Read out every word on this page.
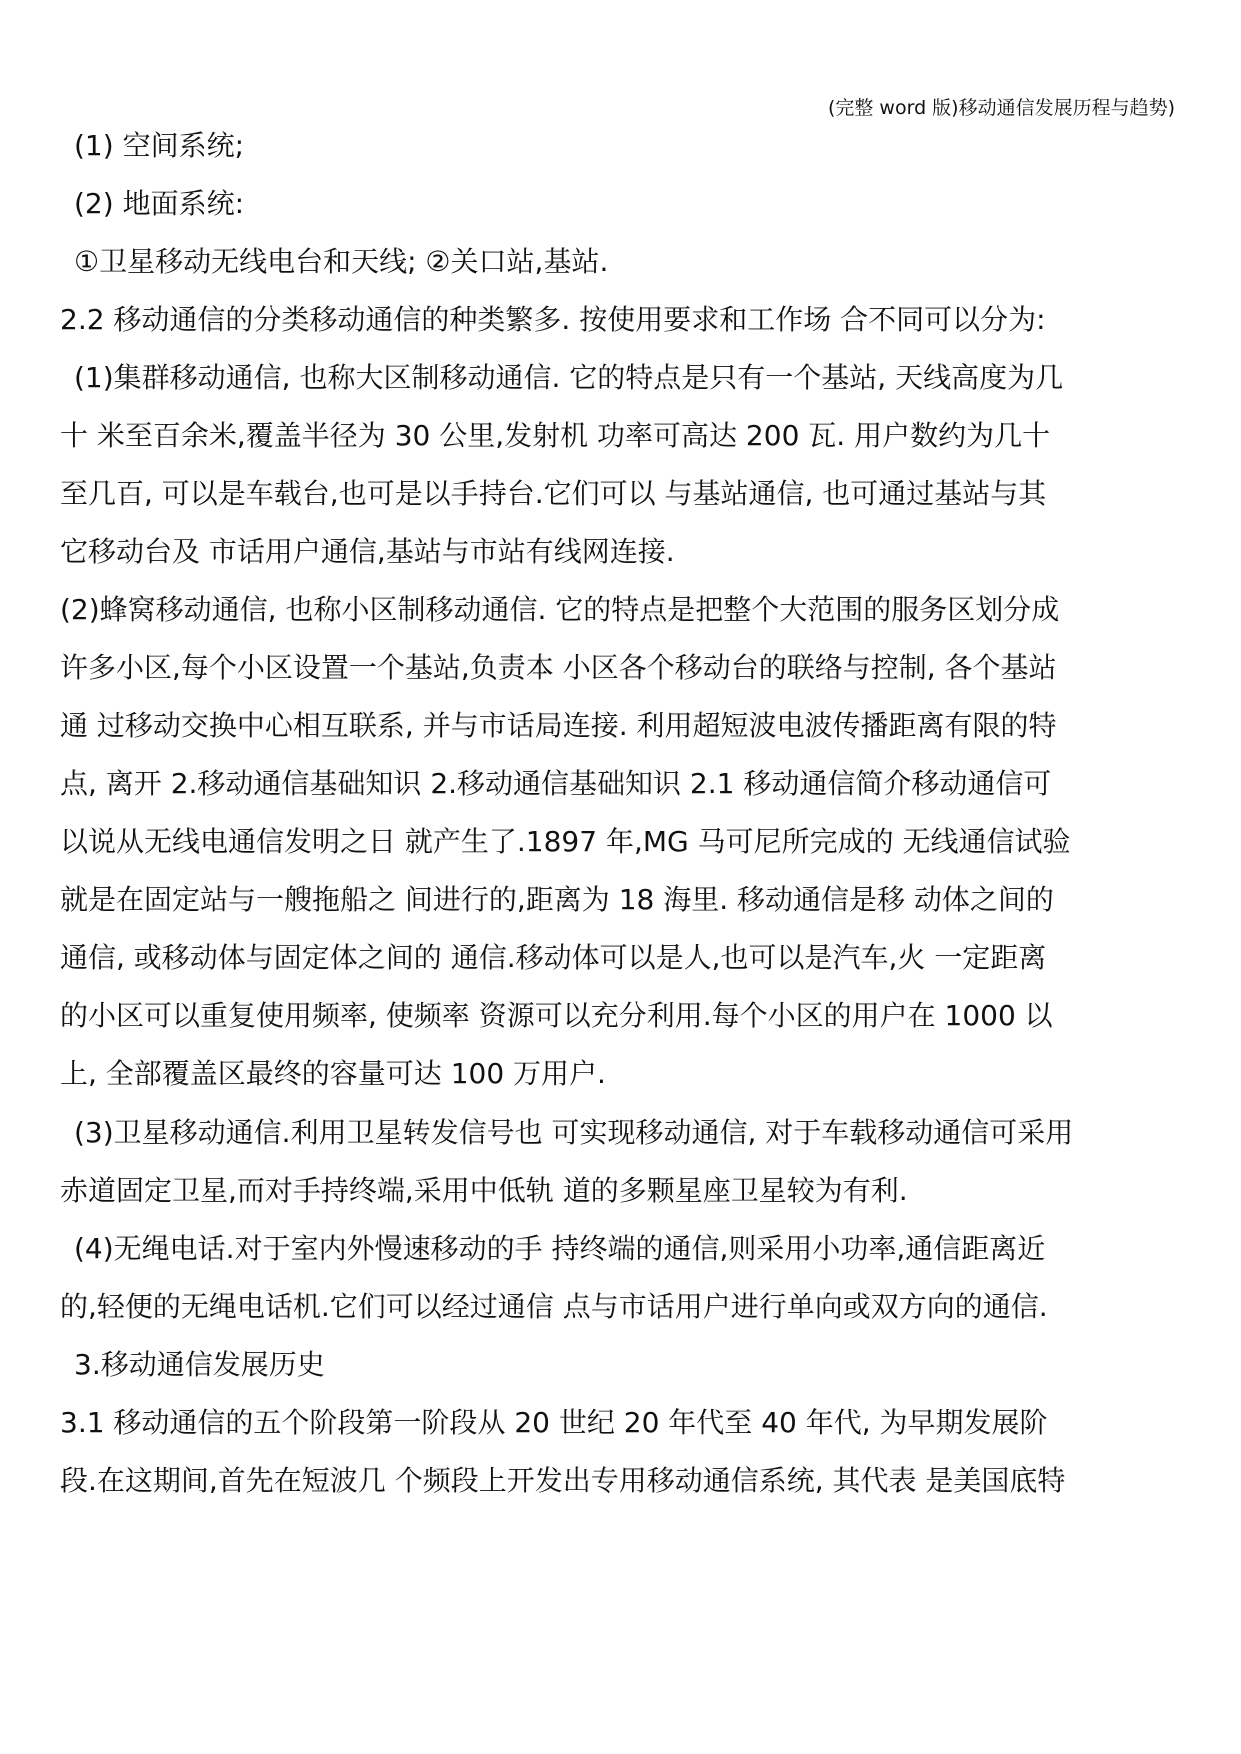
(完整 word 版)移动通信发展历程与趋势)
(1) 空间系统;
(2) 地面系统:
①卫星移动无线电台和天线; ②关口站,基站.
2.2 移动通信的分类移动通信的种类繁多. 按使用要求和工作场 合不同可以分为:
(1)集群移动通信, 也称大区制移动通信. 它的特点是只有一个基站, 天线高度为几
十 米至百余米,覆盖半径为 30 公里,发射机 功率可高达 200 瓦. 用户数约为几十
至几百, 可以是车载台,也可是以手持台.它们可以 与基站通信, 也可通过基站与其
它移动台及 市话用户通信,基站与市站有线网连接.
(2)蜂窝移动通信, 也称小区制移动通信. 它的特点是把整个大范围的服务区划分成
许多小区,每个小区设置一个基站,负责本 小区各个移动台的联络与控制, 各个基站
通 过移动交换中心相互联系, 并与市话局连接. 利用超短波电波传播距离有限的特
点, 离开 2.移动通信基础知识 2.移动通信基础知识 2.1 移动通信简介移动通信可
以说从无线电通信发明之日 就产生了.1897 年,MG 马可尼所完成的 无线通信试验
就是在固定站与一艘拖船之 间进行的,距离为 18 海里. 移动通信是移 动体之间的
通信, 或移动体与固定体之间的 通信.移动体可以是人,也可以是汽车,火 一定距离
的小区可以重复使用频率, 使频率 资源可以充分利用.每个小区的用户在 1000 以
上, 全部覆盖区最终的容量可达 100 万用户.
(3)卫星移动通信.利用卫星转发信号也 可实现移动通信, 对于车载移动通信可采用
赤道固定卫星,而对手持终端,采用中低轨 道的多颗星座卫星较为有利.
(4)无绳电话.对于室内外慢速移动的手 持终端的通信,则采用小功率,通信距离近
的,轻便的无绳电话机.它们可以经过通信 点与市话用户进行单向或双方向的通信.
3.移动通信发展历史
3.1 移动通信的五个阶段第一阶段从 20 世纪 20 年代至 40 年代, 为早期发展阶
段.在这期间,首先在短波几 个频段上开发出专用移动通信系统, 其代表 是美国底特
